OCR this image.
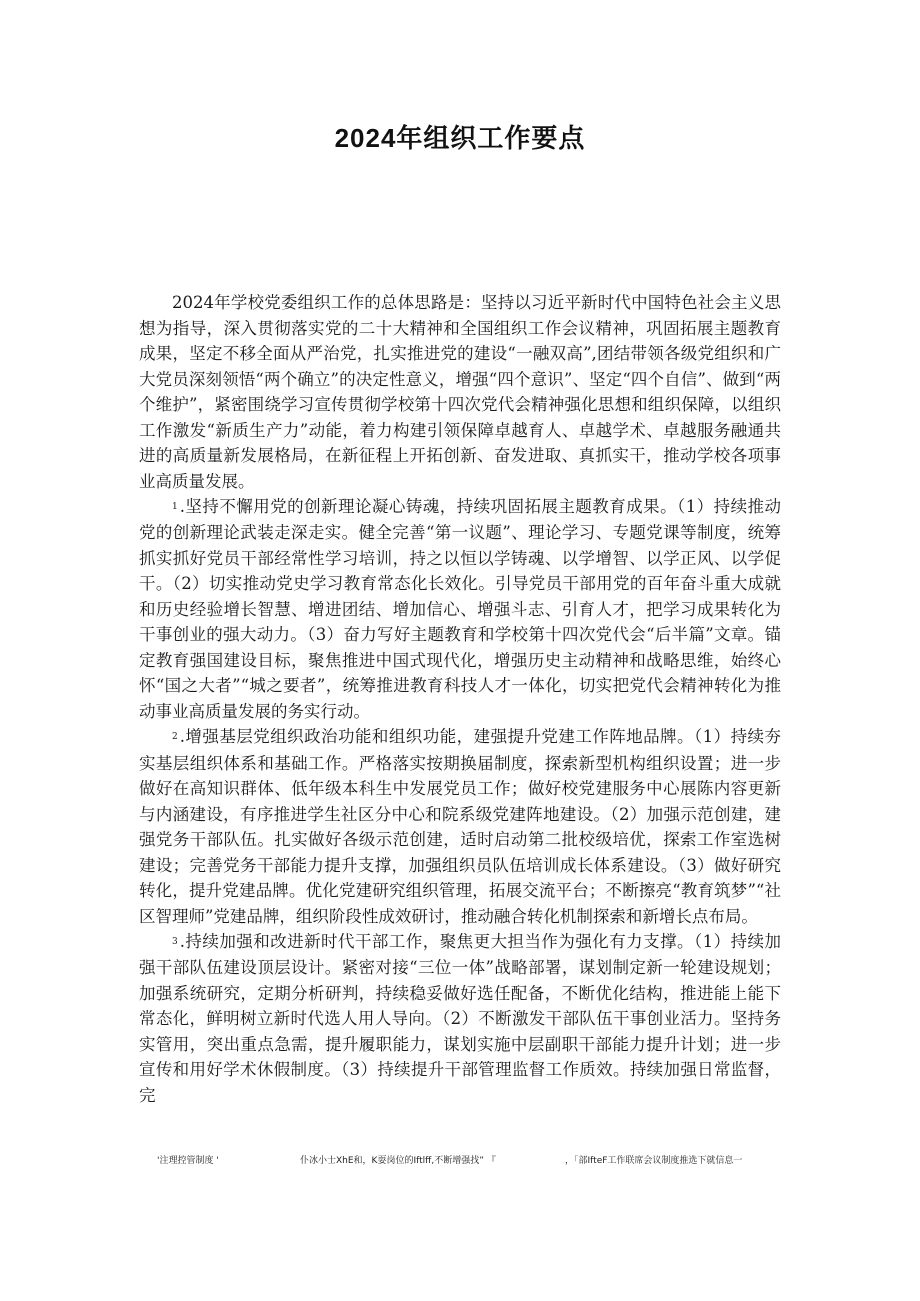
2024年组织工作要点

2024年学校党委组织工作的总体思路是：坚持以习近平新时代中国特色社会主义思想为指导，深入贯彻落实党的二十大精神和全国组织工作会议精神，巩固拓展主题教育成果，坚定不移全面从严治党，扎实推进党的建设“一融双高”,团结带领各级党组织和广大党员深刻领悟“两个确立”的决定性意义，增强“四个意识”、坚定“四个自信”、做到“两个维护”，紧密围绕学习宣传贯彻学校第十四次党代会精神强化思想和组织保障，以组织工作激发“新质生产力”动能，着力构建引领保障卓越育人、卓越学术、卓越服务融通共进的高质量新发展格局，在新征程上开拓创新、奋发进取、真抓实干，推动学校各项事业高质量发展。

1 .坚持不懈用党的创新理论凝心铸魂，持续巩固拓展主题教育成果。（1）持续推动党的创新理论武装走深走实。健全完善“第一议题”、理论学习、专题党课等制度，统筹抓实抓好党员干部经常性学习培训，持之以恒以学铸魂、以学增智、以学正风、以学促干。（2）切实推动党史学习教育常态化长效化。引导党员干部用党的百年奋斗重大成就和历史经验增长智慧、增进团结、增加信心、增强斗志、引育人才，把学习成果转化为干事创业的强大动力。（3）奋力写好主题教育和学校第十四次党代会“后半篇”文章。锚定教育强国建设目标，聚焦推进中国式现代化，增强历史主动精神和战略思维，始终心怀“国之大者”“城之要者”，统筹推进教育科技人才一体化，切实把党代会精神转化为推动事业高质量发展的务实行动。

2 .增强基层党组织政治功能和组织功能，建强提升党建工作阵地品牌。（1）持续夯实基层组织体系和基础工作。严格落实按期换届制度，探索新型机构组织设置；进一步做好在高知识群体、低年级本科生中发展党员工作；做好校党建服务中心展陈内容更新与内涵建设，有序推进学生社区分中心和院系级党建阵地建设。（2）加强示范创建，建强党务干部队伍。扎实做好各级示范创建，适时启动第二批校级培优，探索工作室选树建设；完善党务干部能力提升支撑，加强组织员队伍培训成长体系建设。（3）做好研究转化，提升党建品牌。优化党建研究组织管理，拓展交流平台；不断擦亮“教育筑梦”“社区智理师”党建品牌，组织阶段性成效研讨，推动融合转化机制探索和新增长点布局。

3 .持续加强和改进新时代干部工作，聚焦更大担当作为强化有力支撑。（1）持续加强干部队伍建设顶层设计。紧密对接“三位一体”战略部署，谋划制定新一轮建设规划；加强系统研究，定期分析研判，持续稳妥做好选任配备，不断优化结构，推进能上能下常态化，鲜明树立新时代选人用人导向。（2）不断激发干部队伍干事创业活力。坚持务实管用，突出重点急需，提升履职能力，谋划实施中层副职干部能力提升计划；进一步宣传和用好学术休假制度。（3）持续提升干部管理监督工作质效。持续加强日常监督，完

'注理控管制度 '	仆冰小士XhE和，K耍岗位的Iftlff,不断增强找” 『	，「部IfteF工作联席会议制度推选下就信息一
